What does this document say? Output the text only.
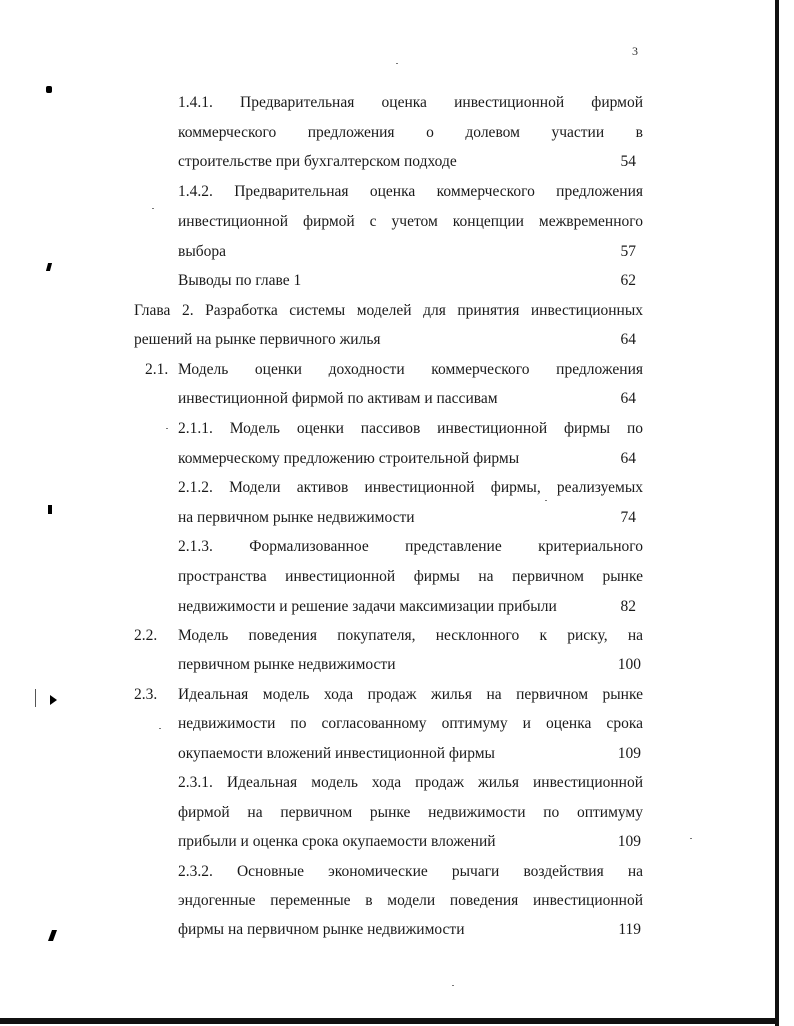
3
1.4.1. Предварительная оценка инвестиционной фирмой
коммерческого предложения о долевом участии в
строительстве при бухгалтерском подходе	54
1.4.2. Предварительная оценка коммерческого предложения
инвестиционной фирмой с учетом концепции межвременного
выбора	57
Выводы по главе 1	62
Глава 2. Разработка системы моделей для принятия инвестиционных
решений на рынке первичного жилья	64
2.1. Модель оценки доходности коммерческого предложения
инвестиционной фирмой по активам и пассивам	64
2.1.1. Модель оценки пассивов инвестиционной фирмы по
коммерческому предложению строительной фирмы	64
2.1.2. Модели активов инвестиционной фирмы, реализуемых
на первичном рынке недвижимости	74
2.1.3. Формализованное представление критериального
пространства инвестиционной фирмы на первичном рынке
недвижимости и решение задачи максимизации прибыли	82
2.2. Модель поведения покупателя, несклонного к риску, на
первичном рынке недвижимости	100
2.3. Идеальная модель хода продаж жилья на первичном рынке
недвижимости по согласованному оптимуму и оценка срока
окупаемости вложений инвестиционной фирмы	109
2.3.1. Идеальная модель хода продаж жилья инвестиционной
фирмой на первичном рынке недвижимости по оптимуму
прибыли и оценка срока окупаемости вложений	109
2.3.2. Основные экономические рычаги воздействия на
эндогенные переменные в модели поведения инвестиционной
фирмы на первичном рынке недвижимости	119
